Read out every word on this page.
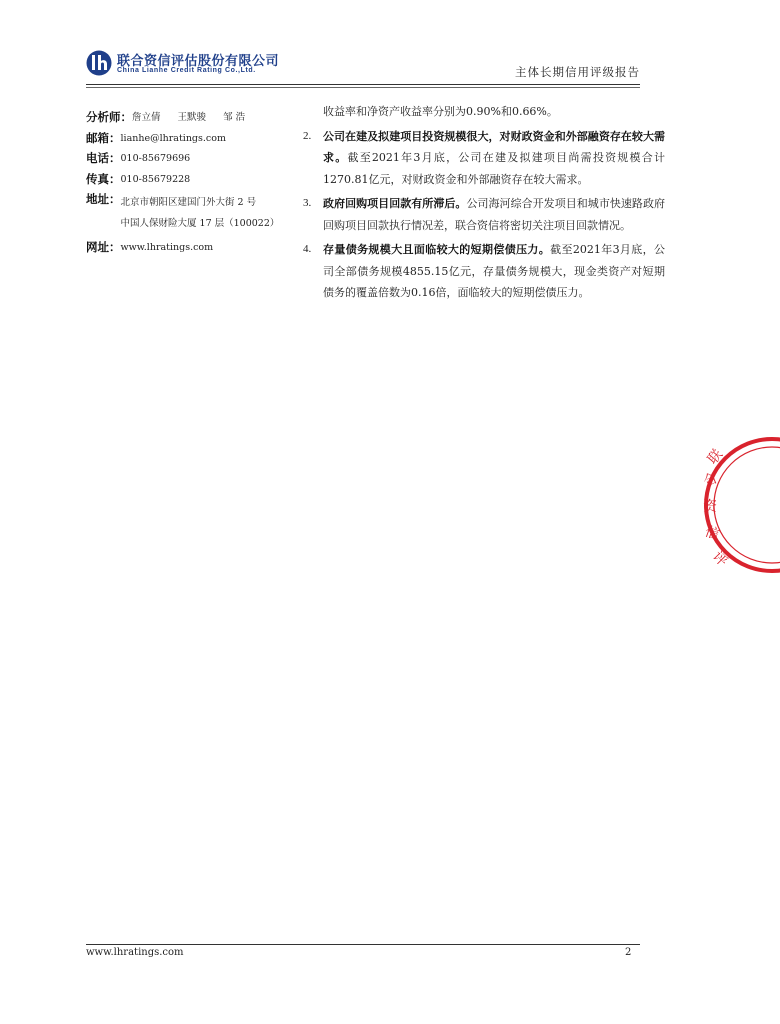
联合资信评估股份有限公司
China Lianhe Credit Rating Co.,Ltd.	主体长期信用评级报告
分析师： 詹立倩 王默骏 邹 浩
邮箱： lianhe@lhratings.com
电话： 010-85679696
传真： 010-85679228
地址： 北京市朝阳区建国门外大街 2 号
中国人保财险大厦 17 层（100022）
网址： www.lhratings.com
收益率和净资产收益率分别为0.90%和0.66%。
2.	公司在建及拟建项目投资规模很大，对财政资金和外部融资存在较大需求。截至2021年3月底，公司在建及拟建项目尚需投资规模合计1270.81亿元，对财政资金和外部融资存在较大需求。
3.	政府回购项目回款有所滞后。公司海河综合开发项目和城市快速路政府回购项目回款执行情况差，联合资信将密切关注项目回款情况。
4.	存量债务规模大且面临较大的短期偿债压力。截至2021年3月底，公司全部债务规模4855.15亿元，存量债务规模大，现金类资产对短期债务的覆盖倍数为0.16倍，面临较大的短期偿债压力。
联
合
资
信
评
www.lhratings.com	2
